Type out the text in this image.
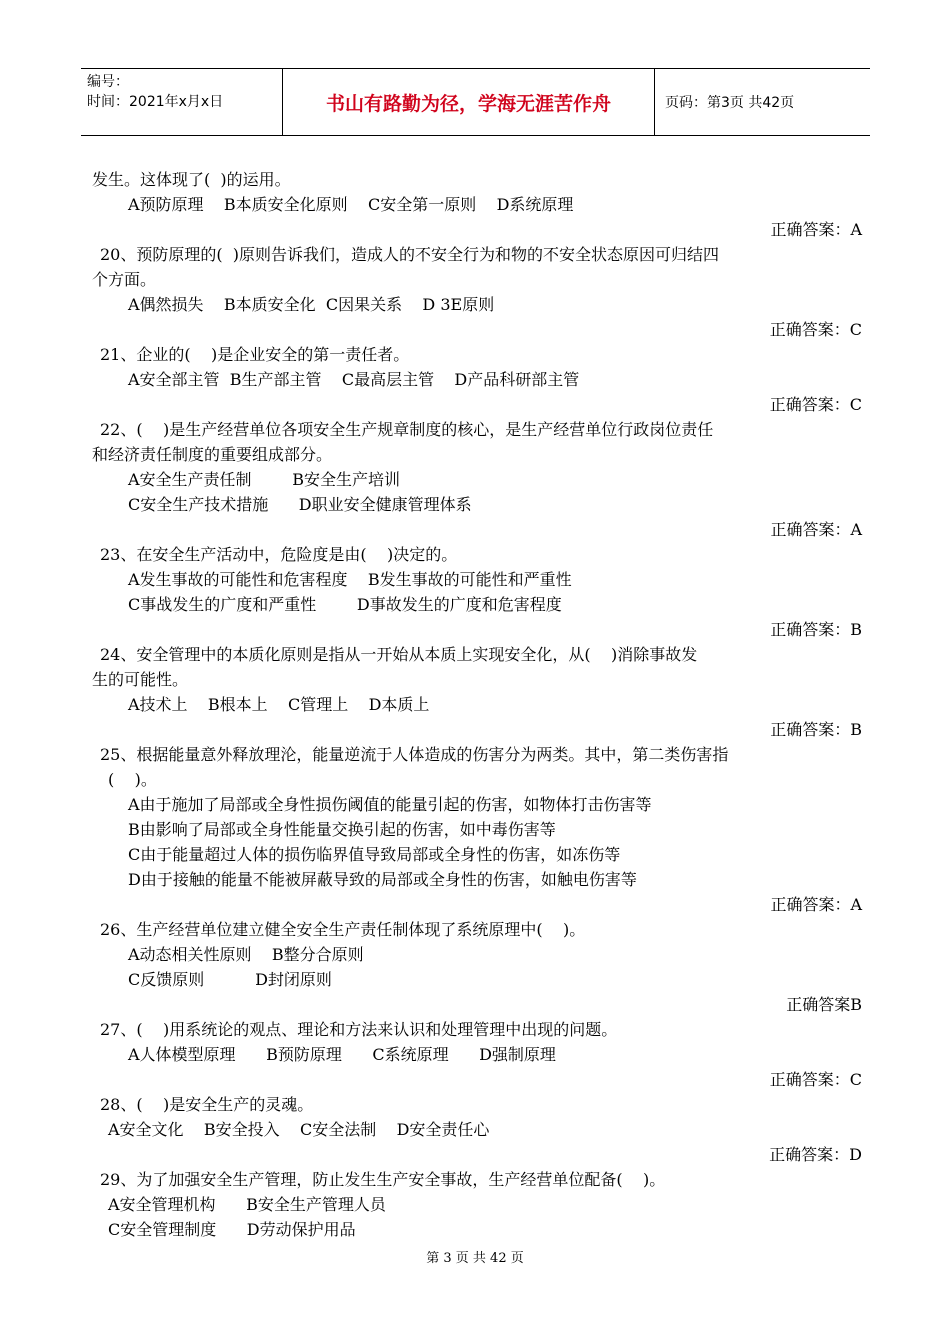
编号：
时间：2021年x月x日	书山有路勤为径，学海无涯苦作舟	页码：第3页 共42页
发生。这体现了(  )的运用。
A预防原理    B本质安全化原则    C安全第一原则    D系统原理
正确答案：A
20、预防原理的(  )原则告诉我们，造成人的不安全行为和物的不安全状态原因可归结四
个方面。
A偶然损失    B本质安全化  C因果关系    D 3E原则
正确答案：C
21、企业的(    )是企业安全的第一责任者。
A安全部主管  B生产部主管    C最高层主管    D产品科研部主管
正确答案：C
22、(    )是生产经营单位各项安全生产规章制度的核心，是生产经营单位行政岗位责任
和经济责任制度的重要组成部分。
A安全生产责任制        B安全生产培训
C安全生产技术措施      D职业安全健康管理体系
正确答案：A
23、在安全生产活动中，危险度是由(    )决定的。
A发生事故的可能性和危害程度    B发生事故的可能性和严重性
C事战发生的广度和严重性        D事故发生的广度和危害程度
正确答案：B
24、安全管理中的本质化原则是指从一开始从本质上实现安全化，从(    )消除事故发
生的可能性。
A技术上    B根本上    C管理上    D本质上
正确答案：B
25、根据能量意外释放理沦，能量逆流于人体造成的伤害分为两类。其中，第二类伤害指
(    )。
A由于施加了局部或全身性损伤阈值的能量引起的伤害，如物体打击伤害等
B由影响了局部或全身性能量交换引起的伤害，如中毒伤害等
C由于能量超过人体的损伤临界值导致局部或全身性的伤害，如冻伤等
D由于接触的能量不能被屏蔽导致的局部或全身性的伤害，如触电伤害等
正确答案：A
26、生产经营单位建立健全安全生产责任制体现了系统原理中(    )。
A动态相关性原则    B整分合原则
C反馈原则          D封闭原则
正确答案B
27、(    )用系统论的观点、理论和方法来认识和处理管理中出现的问题。
A人体模型原理      B预防原理      C系统原理      D强制原理
正确答案：C
28、(    )是安全生产的灵魂。
A安全文化    B安全投入    C安全法制    D安全责任心
正确答案：D
29、为了加强安全生产管理，防止发生生产安全事故，生产经营单位配备(    )。
A安全管理机构      B安全生产管理人员
C安全管理制度      D劳动保护用品
第 3 页 共 42 页
